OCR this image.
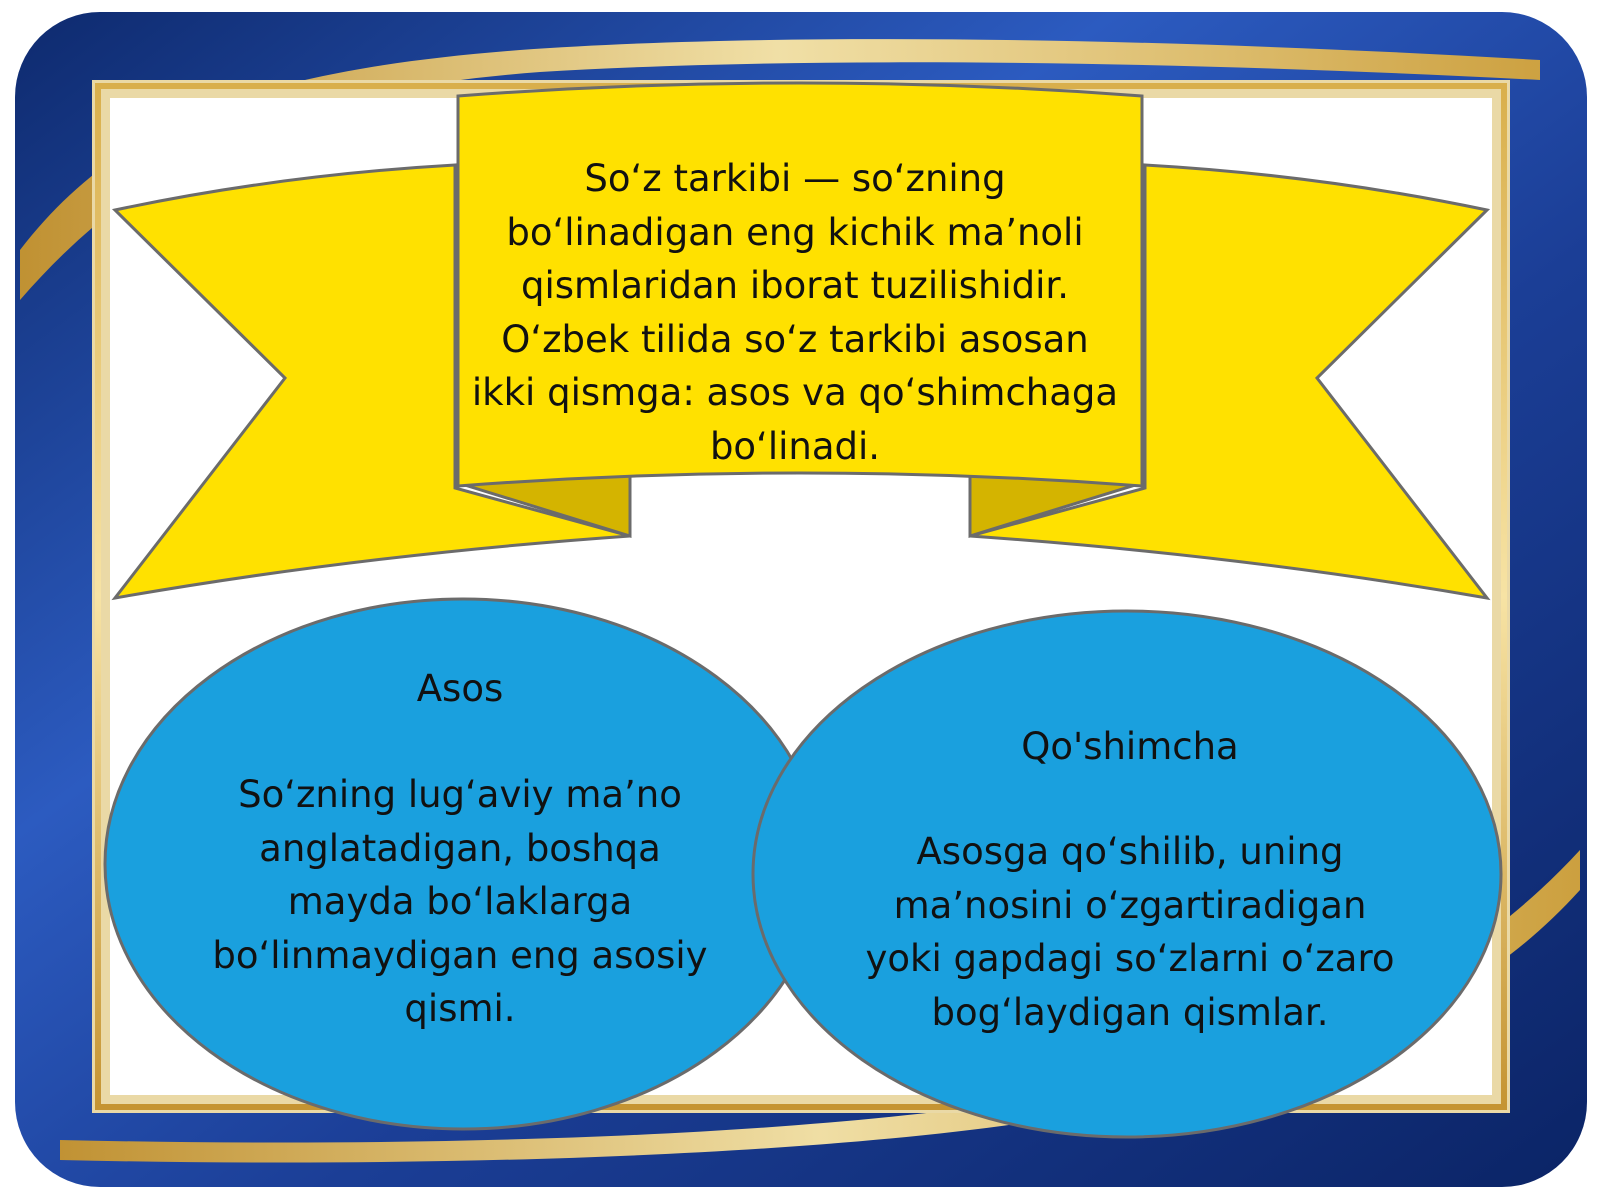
So‘z tarkibi — so‘zning bo‘linadigan eng kichik ma’noli qismlaridan iborat tuzilishidir. O‘zbek tilida so‘z tarkibi asosan ikki qismga: asos va qo‘shimchaga bo‘linadi.
Asos
So‘zning lug‘aviy ma’no anglatadigan, boshqa mayda bo‘laklarga bo‘linmaydigan eng asosiy qismi.
Qo'shimcha
Asosga qo‘shilib, uning ma’nosini o‘zgartiradigan yoki gapdagi so‘zlarni o‘zaro bog‘laydigan qismlar.
